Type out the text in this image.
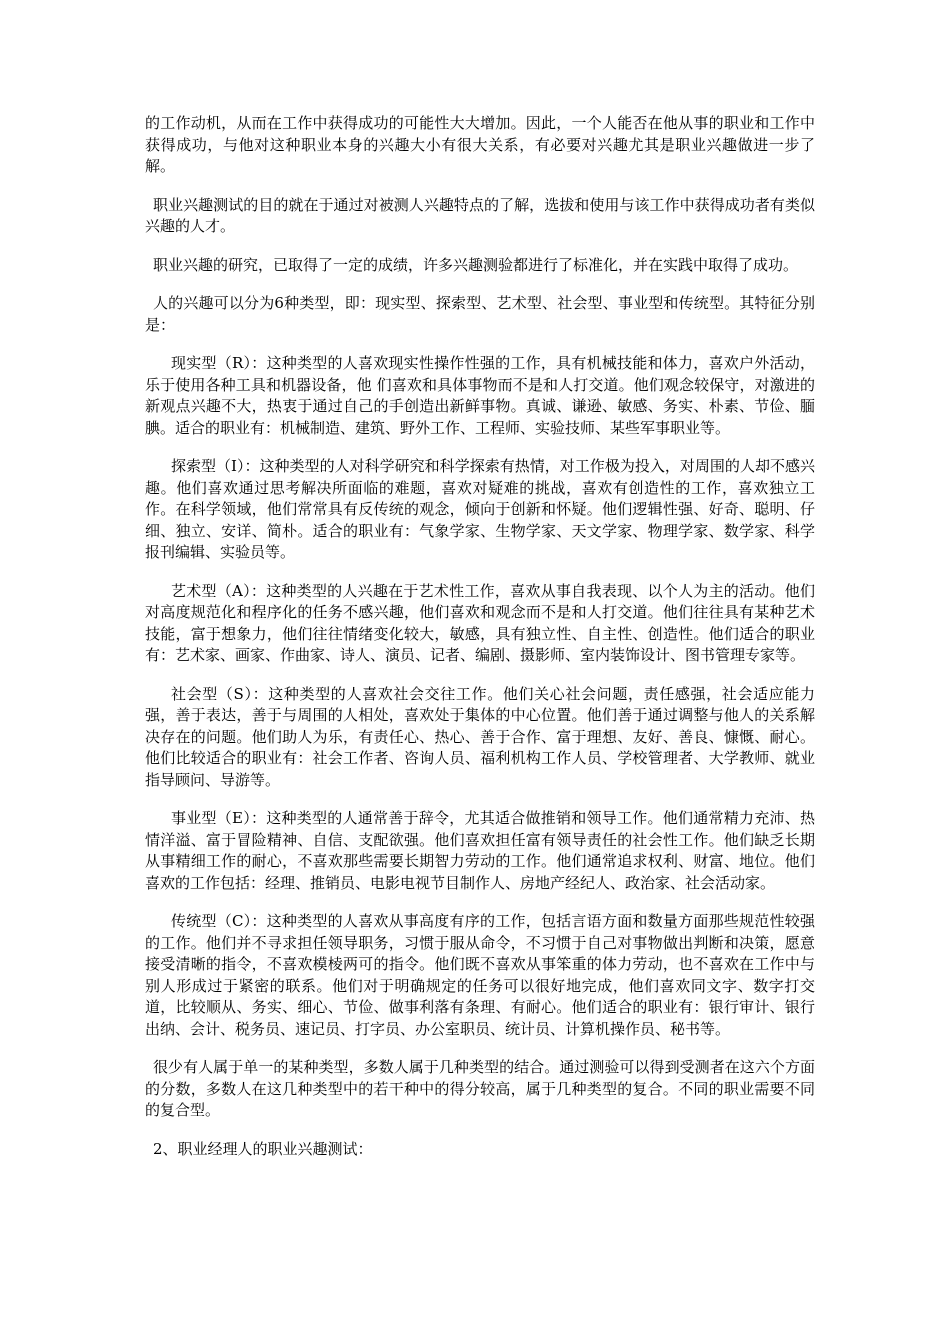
的工作动机，从而在工作中获得成功的可能性大大增加。因此，一个人能否在他从事的职业和工作中获得成功，与他对这种职业本身的兴趣大小有很大关系，有必要对兴趣尤其是职业兴趣做进一步了解。

职业兴趣测试的目的就在于通过对被测人兴趣特点的了解，选拔和使用与该工作中获得成功者有类似兴趣的人才。

职业兴趣的研究，已取得了一定的成绩，许多兴趣测验都进行了标准化，并在实践中取得了成功。

人的兴趣可以分为6种类型，即：现实型、探索型、艺术型、社会型、事业型和传统型。其特征分别是：

现实型（R）：这种类型的人喜欢现实性操作性强的工作，具有机械技能和体力，喜欢户外活动，乐于使用各种工具和机器设备，他 们喜欢和具体事物而不是和人打交道。他们观念较保守，对激进的新观点兴趣不大，热衷于通过自己的手创造出新鲜事物。真诚、谦逊、敏感、务实、朴素、节俭、腼腆。适合的职业有：机械制造、建筑、野外工作、工程师、实验技师、某些军事职业等。

探索型（I）：这种类型的人对科学研究和科学探索有热情，对工作极为投入，对周围的人却不感兴趣。他们喜欢通过思考解决所面临的难题，喜欢对疑难的挑战，喜欢有创造性的工作，喜欢独立工作。在科学领域，他们常常具有反传统的观念，倾向于创新和怀疑。他们逻辑性强、好奇、聪明、仔细、独立、安详、简朴。适合的职业有：气象学家、生物学家、天文学家、物理学家、数学家、科学报刊编辑、实验员等。

艺术型（A）：这种类型的人兴趣在于艺术性工作，喜欢从事自我表现、以个人为主的活动。他们对高度规范化和程序化的任务不感兴趣，他们喜欢和观念而不是和人打交道。他们往往具有某种艺术技能，富于想象力，他们往往情绪变化较大，敏感，具有独立性、自主性、创造性。他们适合的职业有：艺术家、画家、作曲家、诗人、演员、记者、编剧、摄影师、室内装饰设计、图书管理专家等。

社会型（S）：这种类型的人喜欢社会交往工作。他们关心社会问题，责任感强，社会适应能力强，善于表达，善于与周围的人相处，喜欢处于集体的中心位置。他们善于通过调整与他人的关系解决存在的问题。他们助人为乐，有责任心、热心、善于合作、富于理想、友好、善良、慷慨、耐心。他们比较适合的职业有：社会工作者、咨询人员、福利机构工作人员、学校管理者、大学教师、就业指导顾问、导游等。

事业型（E）：这种类型的人通常善于辞令，尤其适合做推销和领导工作。他们通常精力充沛、热情洋溢、富于冒险精神、自信、支配欲强。他们喜欢担任富有领导责任的社会性工作。他们缺乏长期从事精细工作的耐心，不喜欢那些需要长期智力劳动的工作。他们通常追求权利、财富、地位。他们喜欢的工作包括：经理、推销员、电影电视节目制作人、房地产经纪人、政治家、社会活动家。

传统型（C）：这种类型的人喜欢从事高度有序的工作，包括言语方面和数量方面那些规范性较强的工作。他们并不寻求担任领导职务，习惯于服从命令，不习惯于自己对事物做出判断和决策，愿意接受清晰的指令，不喜欢模棱两可的指令。他们既不喜欢从事笨重的体力劳动，也不喜欢在工作中与别人形成过于紧密的联系。他们对于明确规定的任务可以很好地完成，他们喜欢同文字、数字打交道，比较顺从、务实、细心、节俭、做事利落有条理、有耐心。他们适合的职业有：银行审计、银行出纳、会计、税务员、速记员、打字员、办公室职员、统计员、计算机操作员、秘书等。

很少有人属于单一的某种类型，多数人属于几种类型的结合。通过测验可以得到受测者在这六个方面的分数，多数人在这几种类型中的若干种中的得分较高，属于几种类型的复合。不同的职业需要不同的复合型。

2、职业经理人的职业兴趣测试：
